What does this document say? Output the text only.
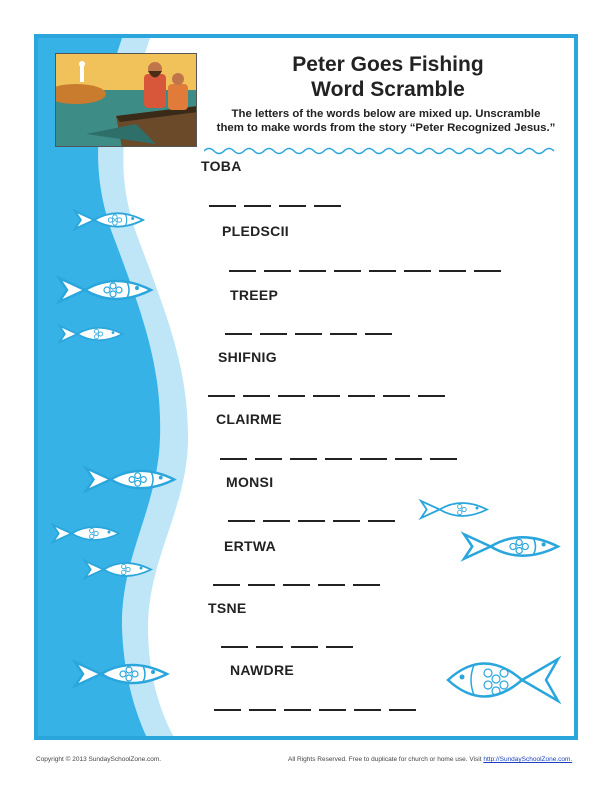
Peter Goes Fishing
Word Scramble
The letters of the words below are mixed up. Unscramble
them to make words from the story “Peter Recognized Jesus.”
TOBA
PLEDSCII
TREEP
SHIFNIG
CLAIRME
MONSI
ERTWA
TSNE
NAWDRE
Copyright © 2013 SundaySchoolZone.com.	All Rights Reserved. Free to duplicate for church or home use. Visit http://SundaySchoolZone.com.
